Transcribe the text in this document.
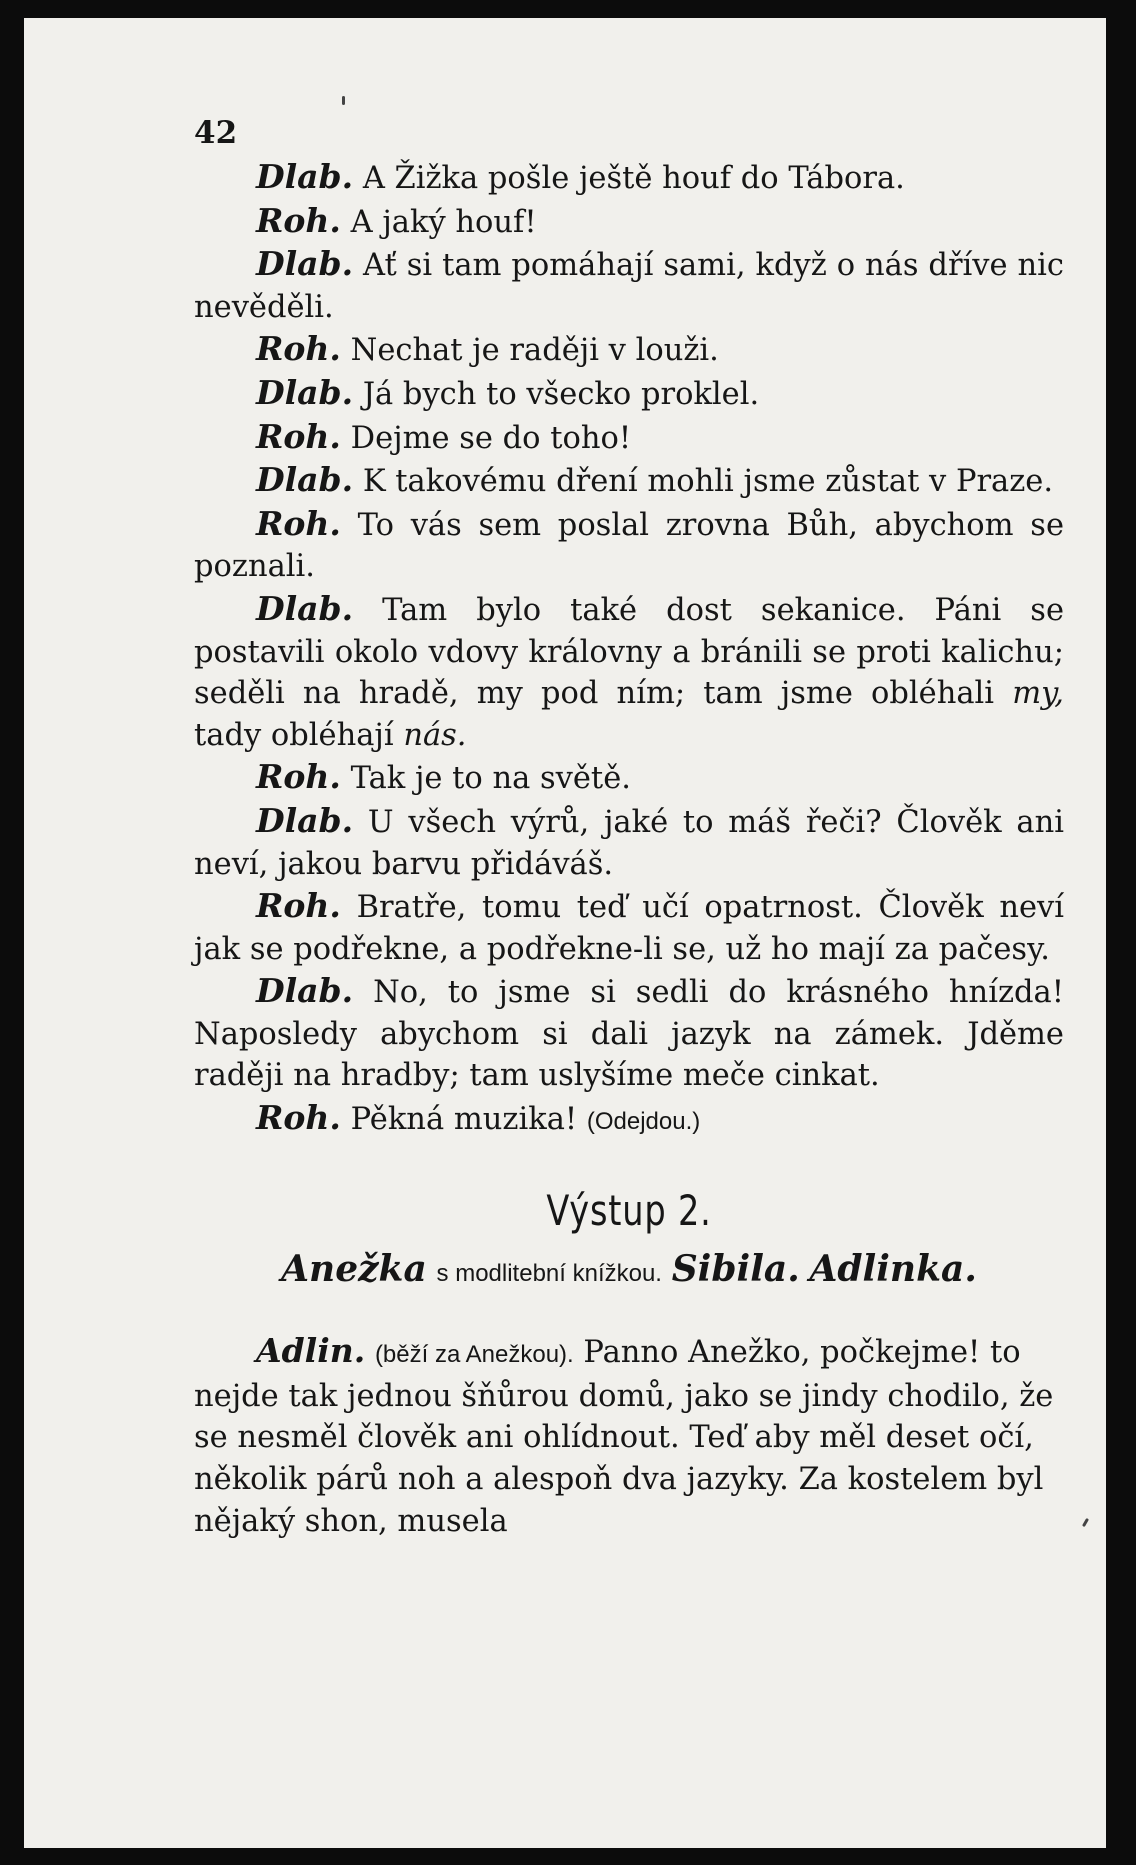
42

Dlab. A Žižka pošle ještě houf do Tábora.

Roh. A jaký houf!

Dlab. Ať si tam pomáhají sami, když o nás dříve nic nevěděli.

Roh. Nechat je raději v louži.

Dlab. Já bych to všecko proklel.

Roh. Dejme se do toho!

Dlab. K takovému dření mohli jsme zůstat v Praze.

Roh. To vás sem poslal zrovna Bůh, abychom se poznali.

Dlab. Tam bylo také dost sekanice. Páni se postavili okolo vdovy královny a bránili se proti kalichu; seděli na hradě, my pod ním; tam jsme obléhali my, tady obléhají nás.

Roh. Tak je to na světě.

Dlab. U všech výrů, jaké to máš řeči? Člověk ani neví, jakou barvu přidáváš.

Roh. Bratře, tomu teď učí opatrnost. Člověk neví jak se podřekne, a podřekne-li se, už ho mají za pačesy.

Dlab. No, to jsme si sedli do krásného hnízda! Naposledy abychom si dali jazyk na zámek. Jděme raději na hradby; tam uslyšíme meče cinkat.

Roh. Pěkná muzika! (Odejdou.)

Výstup 2.
Anežka s modlitební knížkou. Sibila. Adlinka.

Adlin. (běží za Anežkou). Panno Anežko, počkejme! to nejde tak jednou šňůrou domů, jako se jindy chodilo, že se nesměl člověk ani ohlídnout. Teď aby měl deset očí, několik párů noh a alespoň dva jazyky. Za kostelem byl nějaký shon, musela
